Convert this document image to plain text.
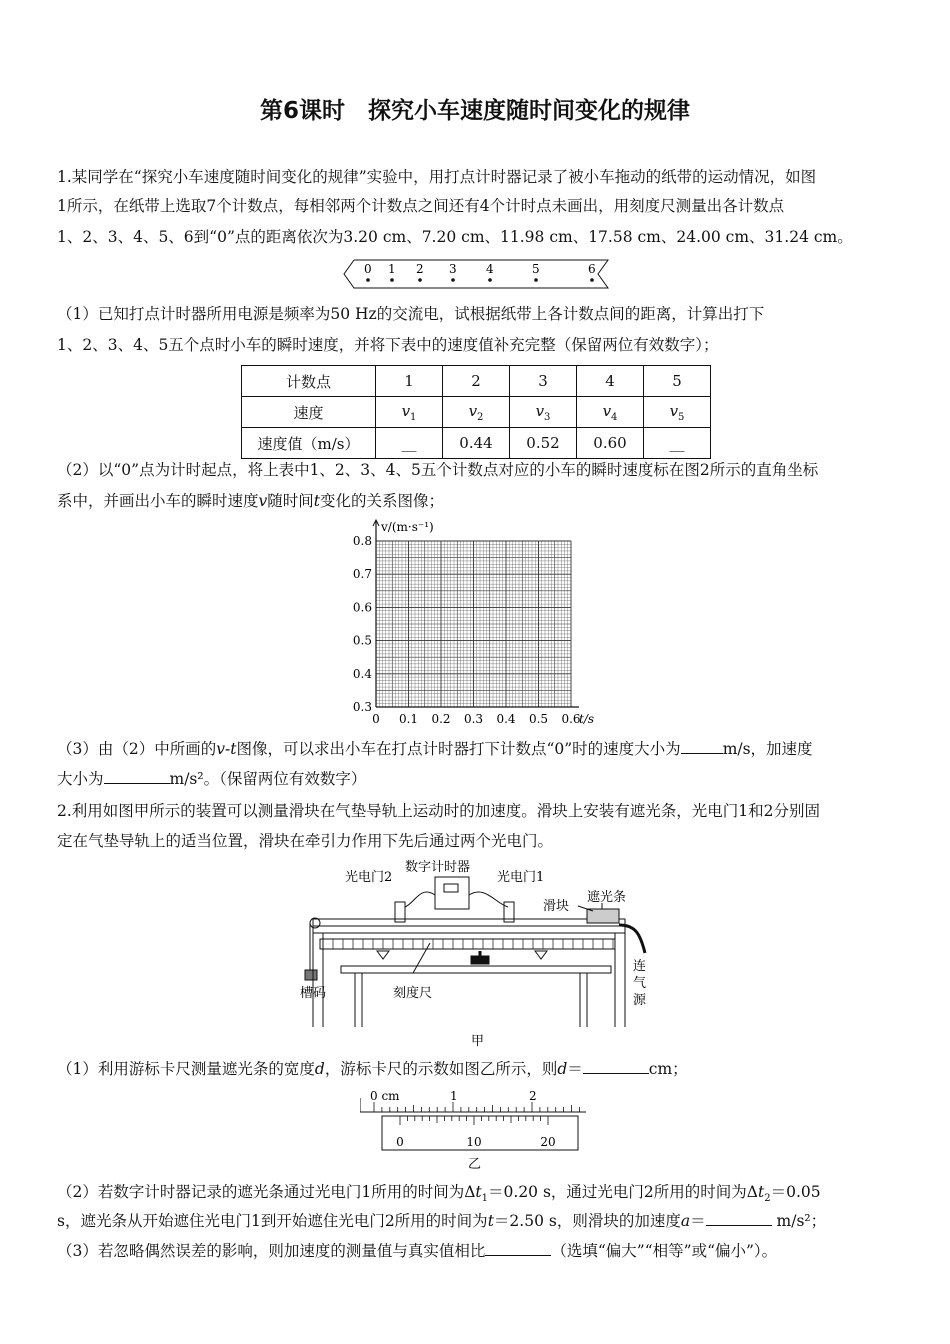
第6课时　探究小车速度随时间变化的规律
1.某同学在“探究小车速度随时间变化的规律”实验中，用打点计时器记录了被小车拖动的纸带的运动情况，如图
1所示，在纸带上选取7个计数点，每相邻两个计数点之间还有4个计时点未画出，用刻度尺测量出各计数点
1、2、3、4、5、6到“0”点的距离依次为3.20 cm、7.20 cm、11.98 cm、17.58 cm、24.00 cm、31.24 cm。
0 1 2 3 4	5	6
（1）已知打点计时器所用电源是频率为50 Hz的交流电，试根据纸带上各计数点间的距离，计算出打下
1、2、3、4、5五个点时小车的瞬时速度，并将下表中的速度值补充完整（保留两位有效数字）；
计数点	1	2	3	4	5
速度	$v_1$	$v_2$	$v_3$	$v_4$	$v_5$
速度值（m/s）	__	0.44	0.52	0.60	__
（2）以“0”点为计时起点，将上表中1、2、3、4、5五个计数点对应的小车的瞬时速度标在图2所示的直角坐标
系中，并画出小车的瞬时速度v随时间t变化的关系图像；
0.3
0.4
0.5
0.6
0.7
0.8
0 0.1 0.2 0.3 0.4 0.5 0.6
v/(m·s⁻¹)
t/s
（3）由（2）中所画的v-t图像，可以求出小车在打点计时器打下计数点“0”时的速度大小为	m/s，加速度
大小为	m/s²。（保留两位有效数字）
2.利用如图甲所示的装置可以测量滑块在气垫导轨上运动时的加速度。滑块上安装有遮光条，光电门1和2分别固
定在气垫导轨上的适当位置，滑块在牵引力作用下先后通过两个光电门。
光电门2
数字计时器
光电门1
滑块
遮光条
槽码	刻度尺
连
气
源
甲
（1）利用游标卡尺测量遮光条的宽度d，游标卡尺的示数如图乙所示，则d＝	cm；
0 cm	1	2
0	10	20
乙
（2）若数字计时器记录的遮光条通过光电门1所用的时间为$\Delta t_1=0.20$ s，通过光电门2所用的时间为$\Delta t_2=0.05$
s，遮光条从开始遮住光电门1到开始遮住光电门2所用的时间为t＝2.50 s，则滑块的加速度a＝	m/s²；
（3）若忽略偶然误差的影响，则加速度的测量值与真实值相比	（选填“偏大”“相等”或“偏小”）。
